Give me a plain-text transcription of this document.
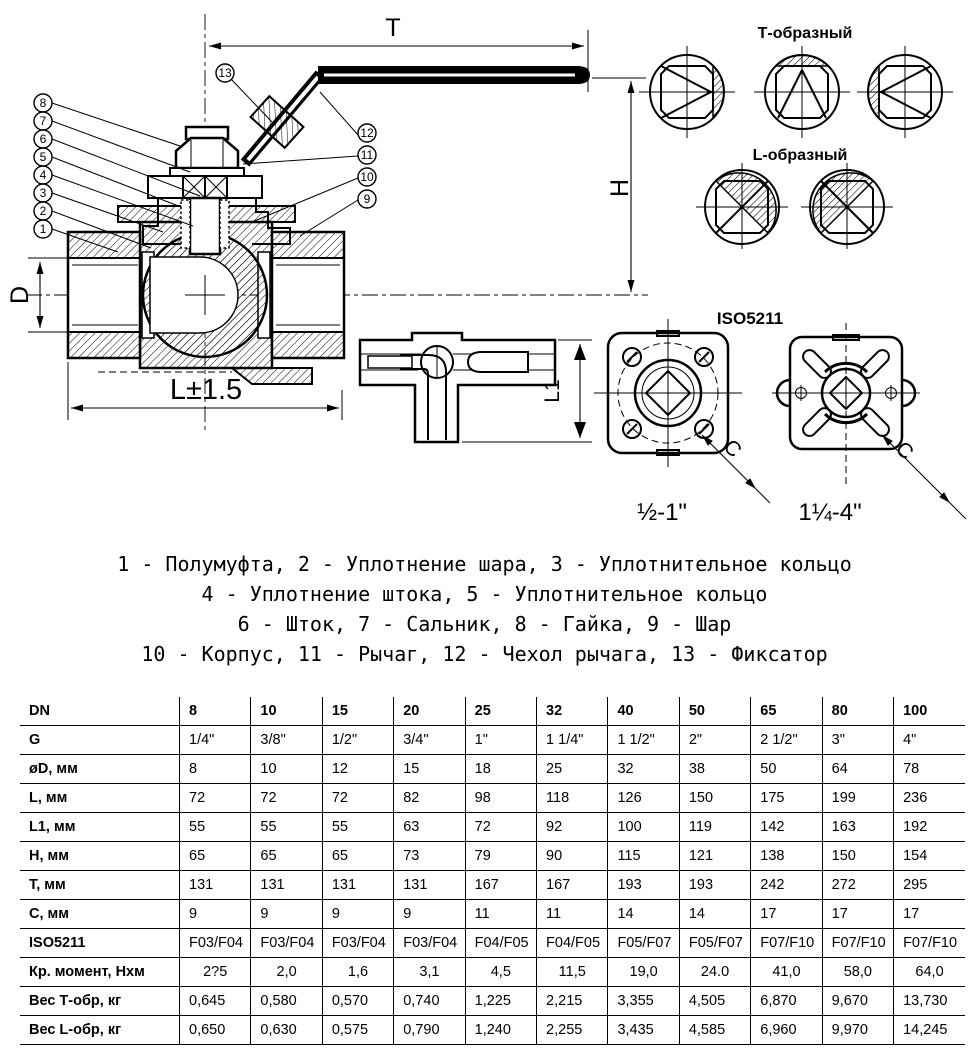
T
H
D
L±1.5
8
7
6
5
4
3
2
1
13
12
11
10
9
L1
Т-образный
L-образный
ISO5211
C
½-1"
C
1¼-4"
1 - Полумуфта, 2 - Уплотнение шара, 3 - Уплотнительное кольцо
4 - Уплотнение штока, 5 - Уплотнительное кольцо
6 - Шток, 7 - Сальник, 8 - Гайка, 9 - Шар
10 - Корпус, 11 - Рычаг, 12 - Чехол рычага, 13 - Фиксатор
DN	8	10	15	20	25	32	40	50	65	80	100
G	1/4"	3/8"	1/2"	3/4"	1"	1 1/4"	1 1/2"	2"	2 1/2"	3"	4"
øD, мм	8	10	12	15	18	25	32	38	50	64	78
L, мм	72	72	72	82	98	118	126	150	175	199	236
L1, мм	55	55	55	63	72	92	100	119	142	163	192
H, мм	65	65	65	73	79	90	115	121	138	150	154
T, мм	131	131	131	131	167	167	193	193	242	272	295
C, мм	9	9	9	9	11	11	14	14	17	17	17
ISO5211	F03/F04	F03/F04	F03/F04	F03/F04	F04/F05	F04/F05	F05/F07	F05/F07	F07/F10	F07/F10	F07/F10
Кр. момент, Нхм	2?5	2,0	1,6	3,1	4,5	11,5	19,0	24.0	41,0	58,0	64,0
Вес Т-обр, кг	0,645	0,580	0,570	0,740	1,225	2,215	3,355	4,505	6,870	9,670	13,730
Вес L-обр, кг	0,650	0,630	0,575	0,790	1,240	2,255	3,435	4,585	6,960	9,970	14,245
